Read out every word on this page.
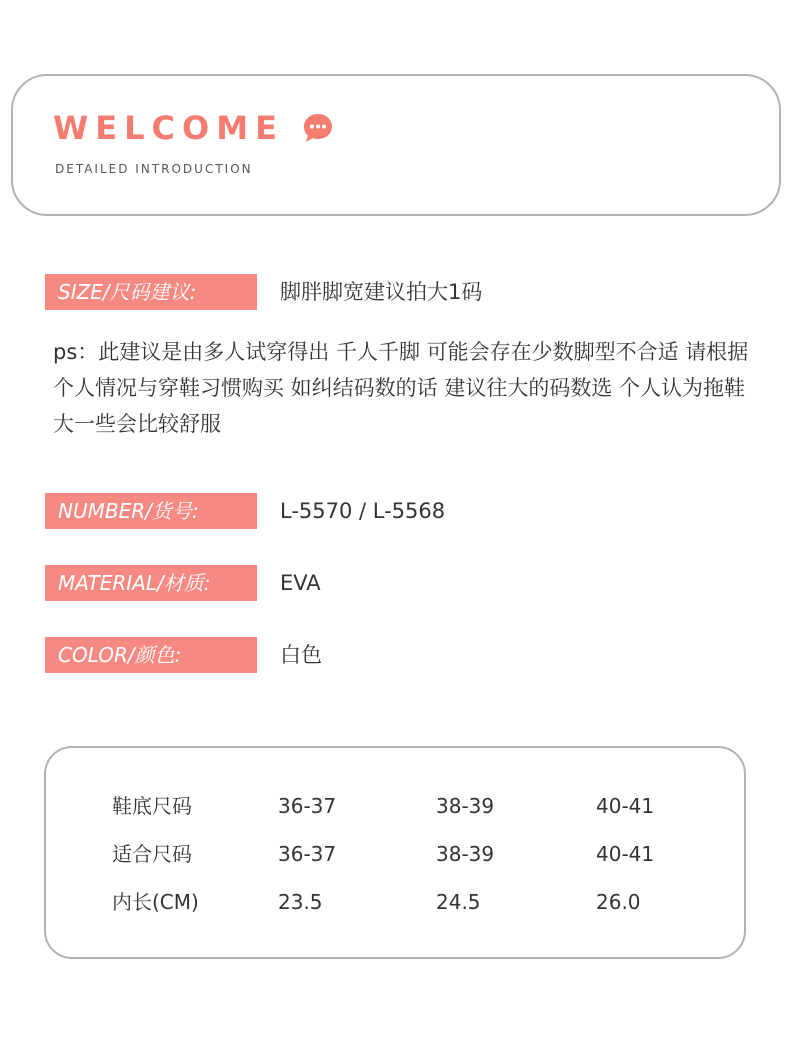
WELCOME
DETAILED INTRODUCTION
SIZE/尺码建议:	脚胖脚宽建议拍大1码
ps：此建议是由多人试穿得出 千人千脚 可能会存在少数脚型不合适 请根据个人情况与穿鞋习惯购买 如纠结码数的话 建议往大的码数选 个人认为拖鞋大一些会比较舒服
NUMBER/货号:	L-5570 / L-5568
MATERIAL/材质:	EVA
COLOR/颜色:	白色
鞋底尺码	36-37	38-39	40-41
适合尺码	36-37	38-39	40-41
内长(CM)	23.5	24.5	26.0
